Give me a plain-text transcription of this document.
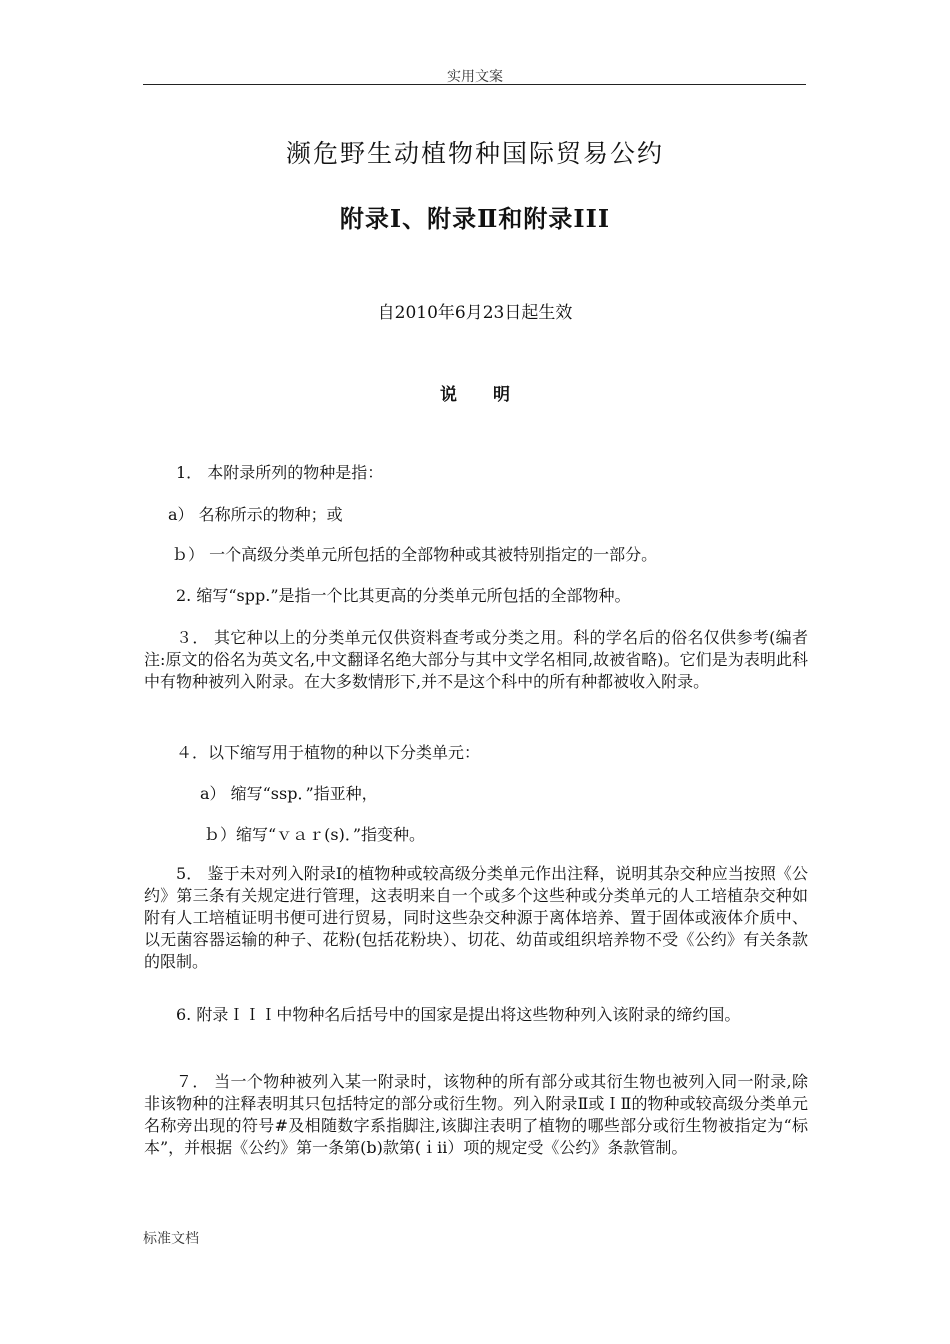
实用文案
濒危野生动植物种国际贸易公约
附录Ⅰ、附录Ⅱ和附录III
自2010年6月23日起生效
说明
1． 本附录所列的物种是指：
a） 名称所示的物种；或
ｂ） 一个高级分类单元所包括的全部物种或其被特别指定的一部分。
2. 缩写“spp.”是指一个比其更高的分类单元所包括的全部物种。
３． 其它种以上的分类单元仅供资料查考或分类之用。科的学名后的俗名仅供参考(编者注:原文的俗名为英文名,中文翻译名绝大部分与其中文学名相同,故被省略)。它们是为表明此科中有物种被列入附录。在大多数情形下,并不是这个科中的所有种都被收入附录。
４．以下缩写用于植物的种以下分类单元：
a） 缩写“ssp．”指亚种，
ｂ）缩写“ｖａｒ(s)．”指变种。
5． 鉴于未对列入附录Ⅰ的植物种或较高级分类单元作出注释，说明其杂交种应当按照《公约》第三条有关规定进行管理，这表明来自一个或多个这些种或分类单元的人工培植杂交种如附有人工培植证明书便可进行贸易，同时这些杂交种源于离体培养、置于固体或液体介质中、以无菌容器运输的种子、花粉(包括花粉块）、切花、幼苗或组织培养物不受《公约》有关条款的限制。
6. 附录ＩＩＩ中物种名后括号中的国家是提出将这些物种列入该附录的缔约国。
７． 当一个物种被列入某一附录时，该物种的所有部分或其衍生物也被列入同一附录,除非该物种的注释表明其只包括特定的部分或衍生物。列入附录Ⅱ或ＩⅡ的物种或较高级分类单元名称旁出现的符号#及相随数字系指脚注,该脚注表明了植物的哪些部分或衍生物被指定为“标本”，并根据《公约》第一条第(b)款第(ｉii）项的规定受《公约》条款管制。
标准文档
